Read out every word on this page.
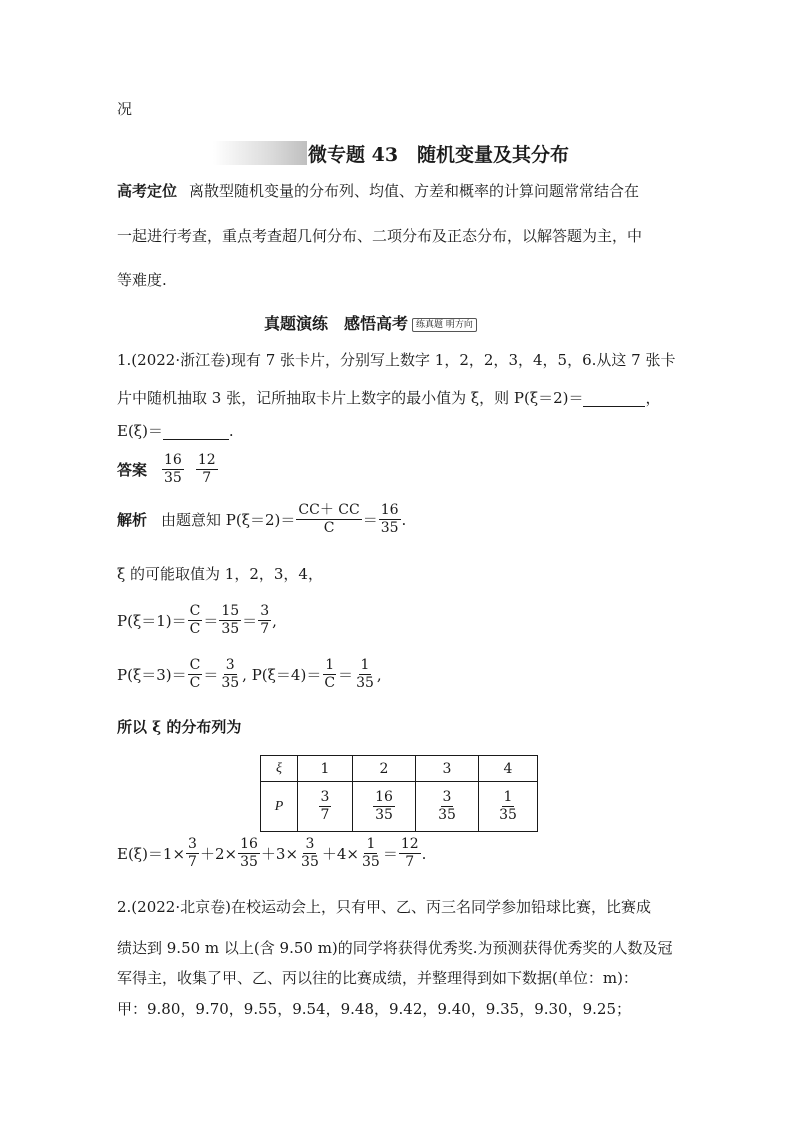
况
微专题 43　随机变量及其分布
高考定位 离散型随机变量的分布列、均值、方差和概率的计算问题常常结合在
一起进行考查，重点考查超几何分布、二项分布及正态分布，以解答题为主，中
等难度.
真题演练　感悟高考 练真题 明方向
1.(2022·浙江卷)现有 7 张卡片，分别写上数字 1，2，2，3，4，5，6.从这 7 张卡
片中随机抽取 3 张，记所抽取卡片上数字的最小值为 ξ，则 P(ξ＝2)＝	，
E(ξ)＝	.
答案 $\frac{16}{35} \frac{12}{7}$
解析 由题意知 $P(\xi=2)= \frac{CC+ CC}{C} = \frac{16}{35}$ .
ξ 的可能取值为 1，2，3，4，
$P(\xi=1)= \frac{C}{C} = \frac{15}{35} = \frac{3}{7}$ ,
$P(\xi=3)= \frac{C}{C} = \frac{3}{35}$ , $P(\xi=4)= \frac{1}{C} = \frac{1}{35}$ ,
所以 ξ 的分布列为
ξ	1	2	3	4
P	$\frac{3}{7}$	$\frac{16}{35}$	$\frac{3}{35}$	$\frac{1}{35}$
$E(\xi)=1\times \frac{3}{7} +2\times \frac{16}{35} +3\times \frac{3}{35} +4\times \frac{1}{35} = \frac{12}{7}$ .
2.(2022·北京卷)在校运动会上，只有甲、乙、丙三名同学参加铅球比赛，比赛成
绩达到 9.50 m 以上(含 9.50 m)的同学将获得优秀奖.为预测获得优秀奖的人数及冠
军得主，收集了甲、乙、丙以往的比赛成绩，并整理得到如下数据(单位：m)：
甲：9.80，9.70，9.55，9.54，9.48，9.42，9.40，9.35，9.30，9.25；
